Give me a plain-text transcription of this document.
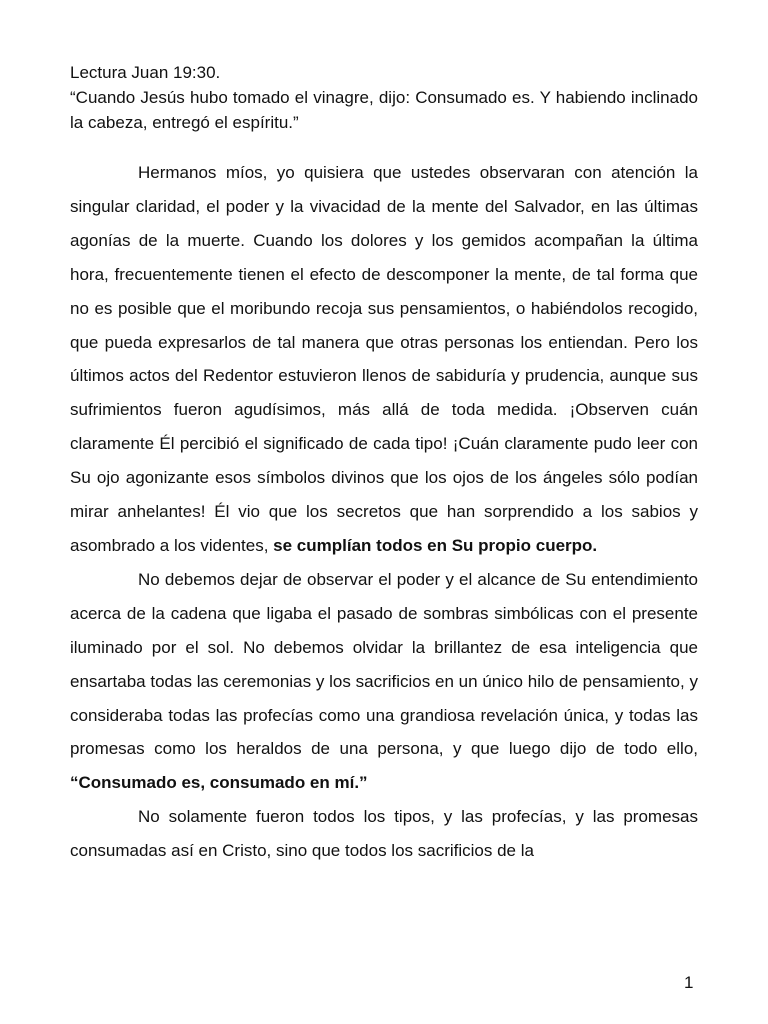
Lectura Juan 19:30.
“Cuando Jesús hubo tomado el vinagre, dijo: Consumado es. Y habiendo inclinado la cabeza, entregó el espíritu.”

Hermanos míos, yo quisiera que ustedes observaran con atención la singular claridad, el poder y la vivacidad de la mente del Salvador, en las últimas agonías de la muerte. Cuando los dolores y los gemidos acompañan la última hora, frecuentemente tienen el efecto de descomponer la mente, de tal forma que no es posible que el moribundo recoja sus pensamientos, o habiéndolos recogido, que pueda expresarlos de tal manera que otras personas los entiendan. Pero los últimos actos del Redentor estuvieron llenos de sabiduría y prudencia, aunque sus sufrimientos fueron agudísimos, más allá de toda medida. ¡Observen cuán claramente Él percibió el significado de cada tipo! ¡Cuán claramente pudo leer con Su ojo agonizante esos símbolos divinos que los ojos de los ángeles sólo podían mirar anhelantes! Él vio que los secretos que han sorprendido a los sabios y asombrado a los videntes, se cumplían todos en Su propio cuerpo.

No debemos dejar de observar el poder y el alcance de Su entendimiento acerca de la cadena que ligaba el pasado de sombras simbólicas con el presente iluminado por el sol. No debemos olvidar la brillantez de esa inteligencia que ensartaba todas las ceremonias y los sacrificios en un único hilo de pensamiento, y consideraba todas las profecías como una grandiosa revelación única, y todas las promesas como los heraldos de una persona, y que luego dijo de todo ello, “Consumado es, consumado en mí.”

No solamente fueron todos los tipos, y las profecías, y las promesas consumadas así en Cristo, sino que todos los sacrificios de la

1
